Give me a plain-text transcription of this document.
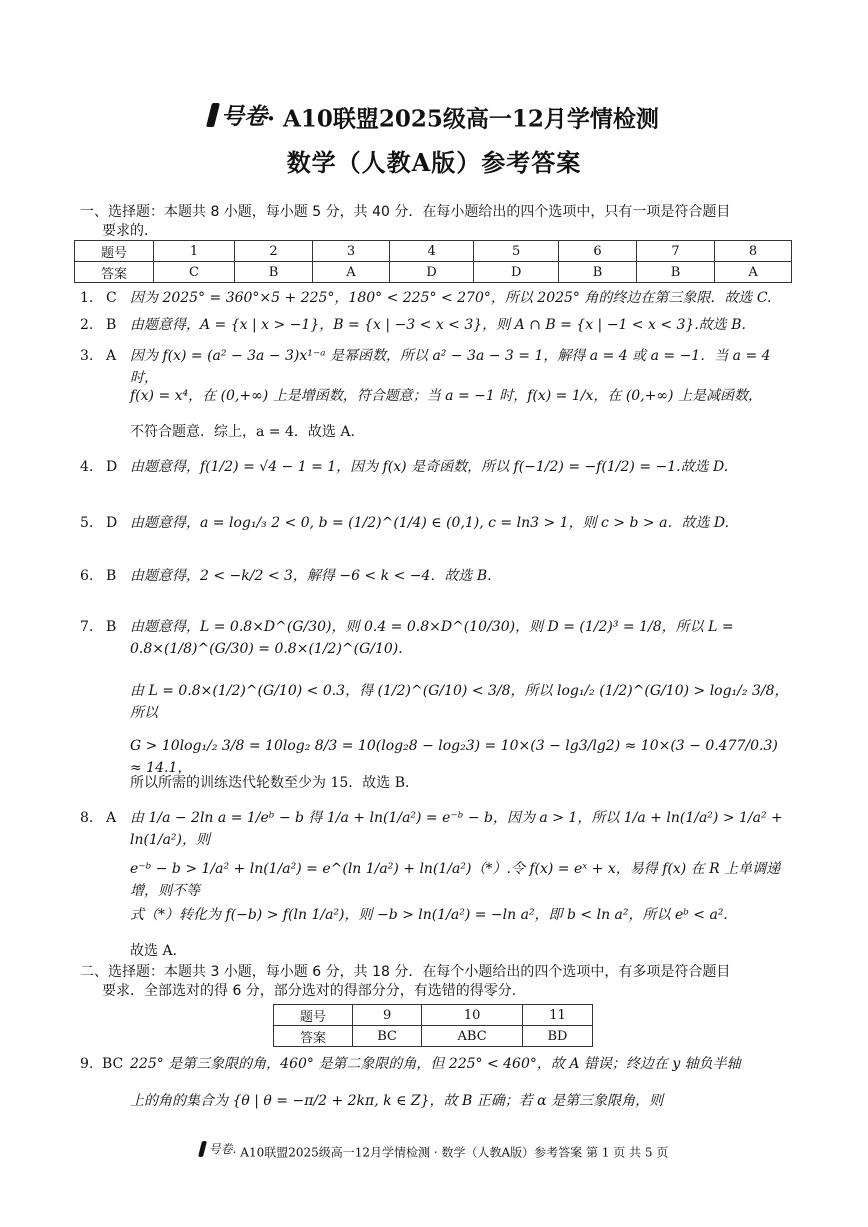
号卷 · A10联盟2025级高一12月学情检测
数学（人教A版）参考答案
一、选择题：本题共 8 小题，每小题 5 分，共 40 分．在每小题给出的四个选项中，只有一项是符合题目
要求的．
题号	1	2	3	4	5	6	7	8
答案	C	B	A	D	D	B	B	A
1. C 因为 2025° = 360°×5 + 225°，180° < 225° < 270°，所以 2025° 角的终边在第三象限．故选 C.
2. B 由题意得，A = {x | x > −1}，B = {x | −3 < x < 3}，则 A ∩ B = {x | −1 < x < 3}.故选 B.
3. A 因为 f(x) = (a² − 3a − 3)x¹⁻ᵃ 是幂函数，所以 a² − 3a − 3 = 1，解得 a = 4 或 a = −1．当 a = 4 时，
f(x) = x⁴，在 (0,+∞) 上是增函数，符合题意；当 a = −1 时，f(x) = 1/x，在 (0,+∞) 上是减函数，
不符合题意．综上，a = 4．故选 A.
4. D 由题意得，f(1/2) = √4 − 1 = 1，因为 f(x) 是奇函数，所以 f(−1/2) = −f(1/2) = −1.故选 D.
5. D 由题意得，a = log₁/₃ 2 < 0, b = (1/2)^(1/4) ∈ (0,1), c = ln3 > 1，则 c > b > a．故选 D.
6. B 由题意得，2 < −k/2 < 3，解得 −6 < k < −4．故选 B.
7. B 由题意得，L = 0.8×D^(G/30)，则 0.4 = 0.8×D^(10/30)，则 D = (1/2)³ = 1/8，所以 L = 0.8×(1/8)^(G/30) = 0.8×(1/2)^(G/10).
由 L = 0.8×(1/2)^(G/10) < 0.3，得 (1/2)^(G/10) < 3/8，所以 log₁/₂ (1/2)^(G/10) > log₁/₂ 3/8，所以
G > 10log₁/₂ 3/8 = 10log₂ 8/3 = 10(log₂8 − log₂3) = 10×(3 − lg3/lg2) ≈ 10×(3 − 0.477/0.3) ≈ 14.1，
所以所需的训练迭代轮数至少为 15．故选 B.
8. A 由 1/a − 2ln a = 1/eᵇ − b 得 1/a + ln(1/a²) = e⁻ᵇ − b，因为 a > 1，所以 1/a + ln(1/a²) > 1/a² + ln(1/a²)，则
e⁻ᵇ − b > 1/a² + ln(1/a²) = e^(ln 1/a²) + ln(1/a²)（*）.令 f(x) = eˣ + x，易得 f(x) 在 R 上单调递增，则不等
式（*）转化为 f(−b) > f(ln 1/a²)，则 −b > ln(1/a²) = −ln a²，即 b < ln a²，所以 eᵇ < a².
故选 A.
二、选择题：本题共 3 小题，每小题 6 分，共 18 分．在每个小题给出的四个选项中，有多项是符合题目
要求．全部选对的得 6 分，部分选对的得部分分，有选错的得零分.
题号	9	10	11
答案	BC	ABC	BD
9. BC 225° 是第三象限的角，460° 是第二象限的角，但 225° < 460°，故 A 错误；终边在 y 轴负半轴
上的角的集合为 {θ | θ = −π/2 + 2kπ, k ∈ Z}，故 B 正确；若 α 是第三象限角，则
号卷 · A10联盟2025级高一12月学情检测 · 数学（人教A版）参考答案 第 1 页 共 5 页
